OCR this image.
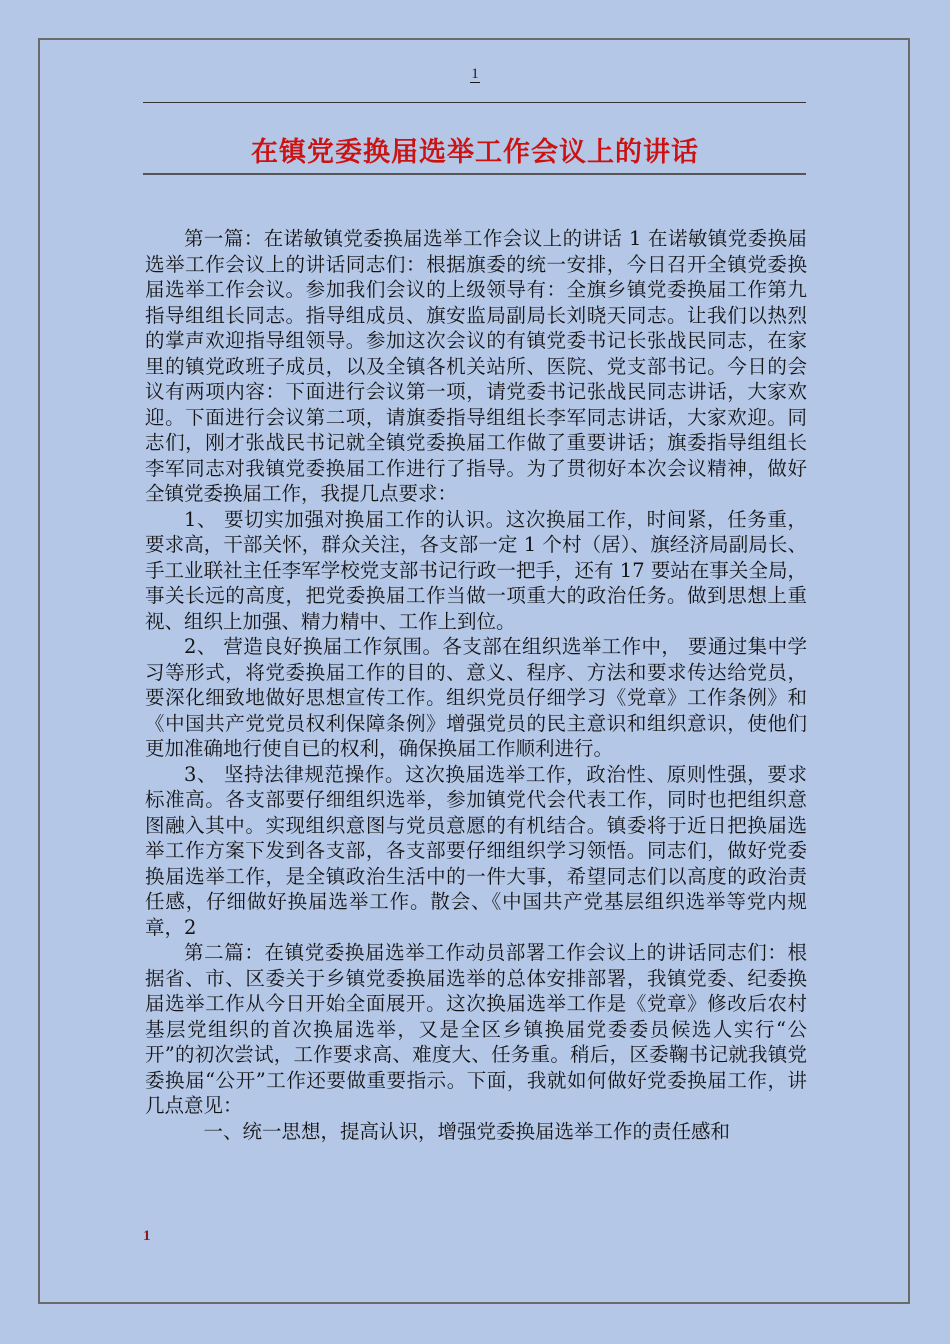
1
在镇党委换届选举工作会议上的讲话

第一篇：在诺敏镇党委换届选举工作会议上的讲话 1 在诺敏镇党委换届选举工作会议上的讲话同志们：根据旗委的统一安排，今日召开全镇党委换届选举工作会议。参加我们会议的上级领导有：全旗乡镇党委换届工作第九指导组组长同志。指导组成员、旗安监局副局长刘晓天同志。让我们以热烈的掌声欢迎指导组领导。参加这次会议的有镇党委书记长张战民同志，在家里的镇党政班子成员，以及全镇各机关站所、医院、党支部书记。今日的会议有两项内容：下面进行会议第一项，请党委书记张战民同志讲话，大家欢迎。下面进行会议第二项，请旗委指导组组长李军同志讲话，大家欢迎。同志们，刚才张战民书记就全镇党委换届工作做了重要讲话；旗委指导组组长李军同志对我镇党委换届工作进行了指导。为了贯彻好本次会议精神，做好全镇党委换届工作，我提几点要求：

1、 要切实加强对换届工作的认识。这次换届工作，时间紧，任务重，要求高，干部关怀，群众关注，各支部一定 1 个村（居）、旗经济局副局长、手工业联社主任李军学校党支部书记行政一把手，还有 17 要站在事关全局，事关长远的高度，把党委换届工作当做一项重大的政治任务。做到思想上重视、组织上加强、精力精中、工作上到位。

2、 营造良好换届工作氛围。各支部在组织选举工作中， 要通过集中学习等形式，将党委换届工作的目的、意义、程序、方法和要求传达给党员，要深化细致地做好思想宣传工作。组织党员仔细学习《党章》工作条例》和《中国共产党党员权利保障条例》增强党员的民主意识和组织意识，使他们更加准确地行使自已的权利，确保换届工作顺利进行。

3、 坚持法律规范操作。这次换届选举工作，政治性、原则性强，要求标准高。各支部要仔细组织选举，参加镇党代会代表工作，同时也把组织意图融入其中。实现组织意图与党员意愿的有机结合。镇委将于近日把换届选举工作方案下发到各支部，各支部要仔细组织学习领悟。同志们，做好党委换届选举工作，是全镇政治生活中的一件大事，希望同志们以高度的政治责任感，仔细做好换届选举工作。散会、《中国共产党基层组织选举等党内规章，2

第二篇：在镇党委换届选举工作动员部署工作会议上的讲话同志们：根据省、市、区委关于乡镇党委换届选举的总体安排部署，我镇党委、纪委换届选举工作从今日开始全面展开。这次换届选举工作是《党章》修改后农村基层党组织的首次换届选举，又是全区乡镇换届党委委员候选人实行“公开”的初次尝试，工作要求高、难度大、任务重。稍后，区委鞠书记就我镇党委换届“公开”工作还要做重要指示。下面，我就如何做好党委换届工作，讲几点意见：

一、统一思想，提高认识，增强党委换届选举工作的责任感和

1
